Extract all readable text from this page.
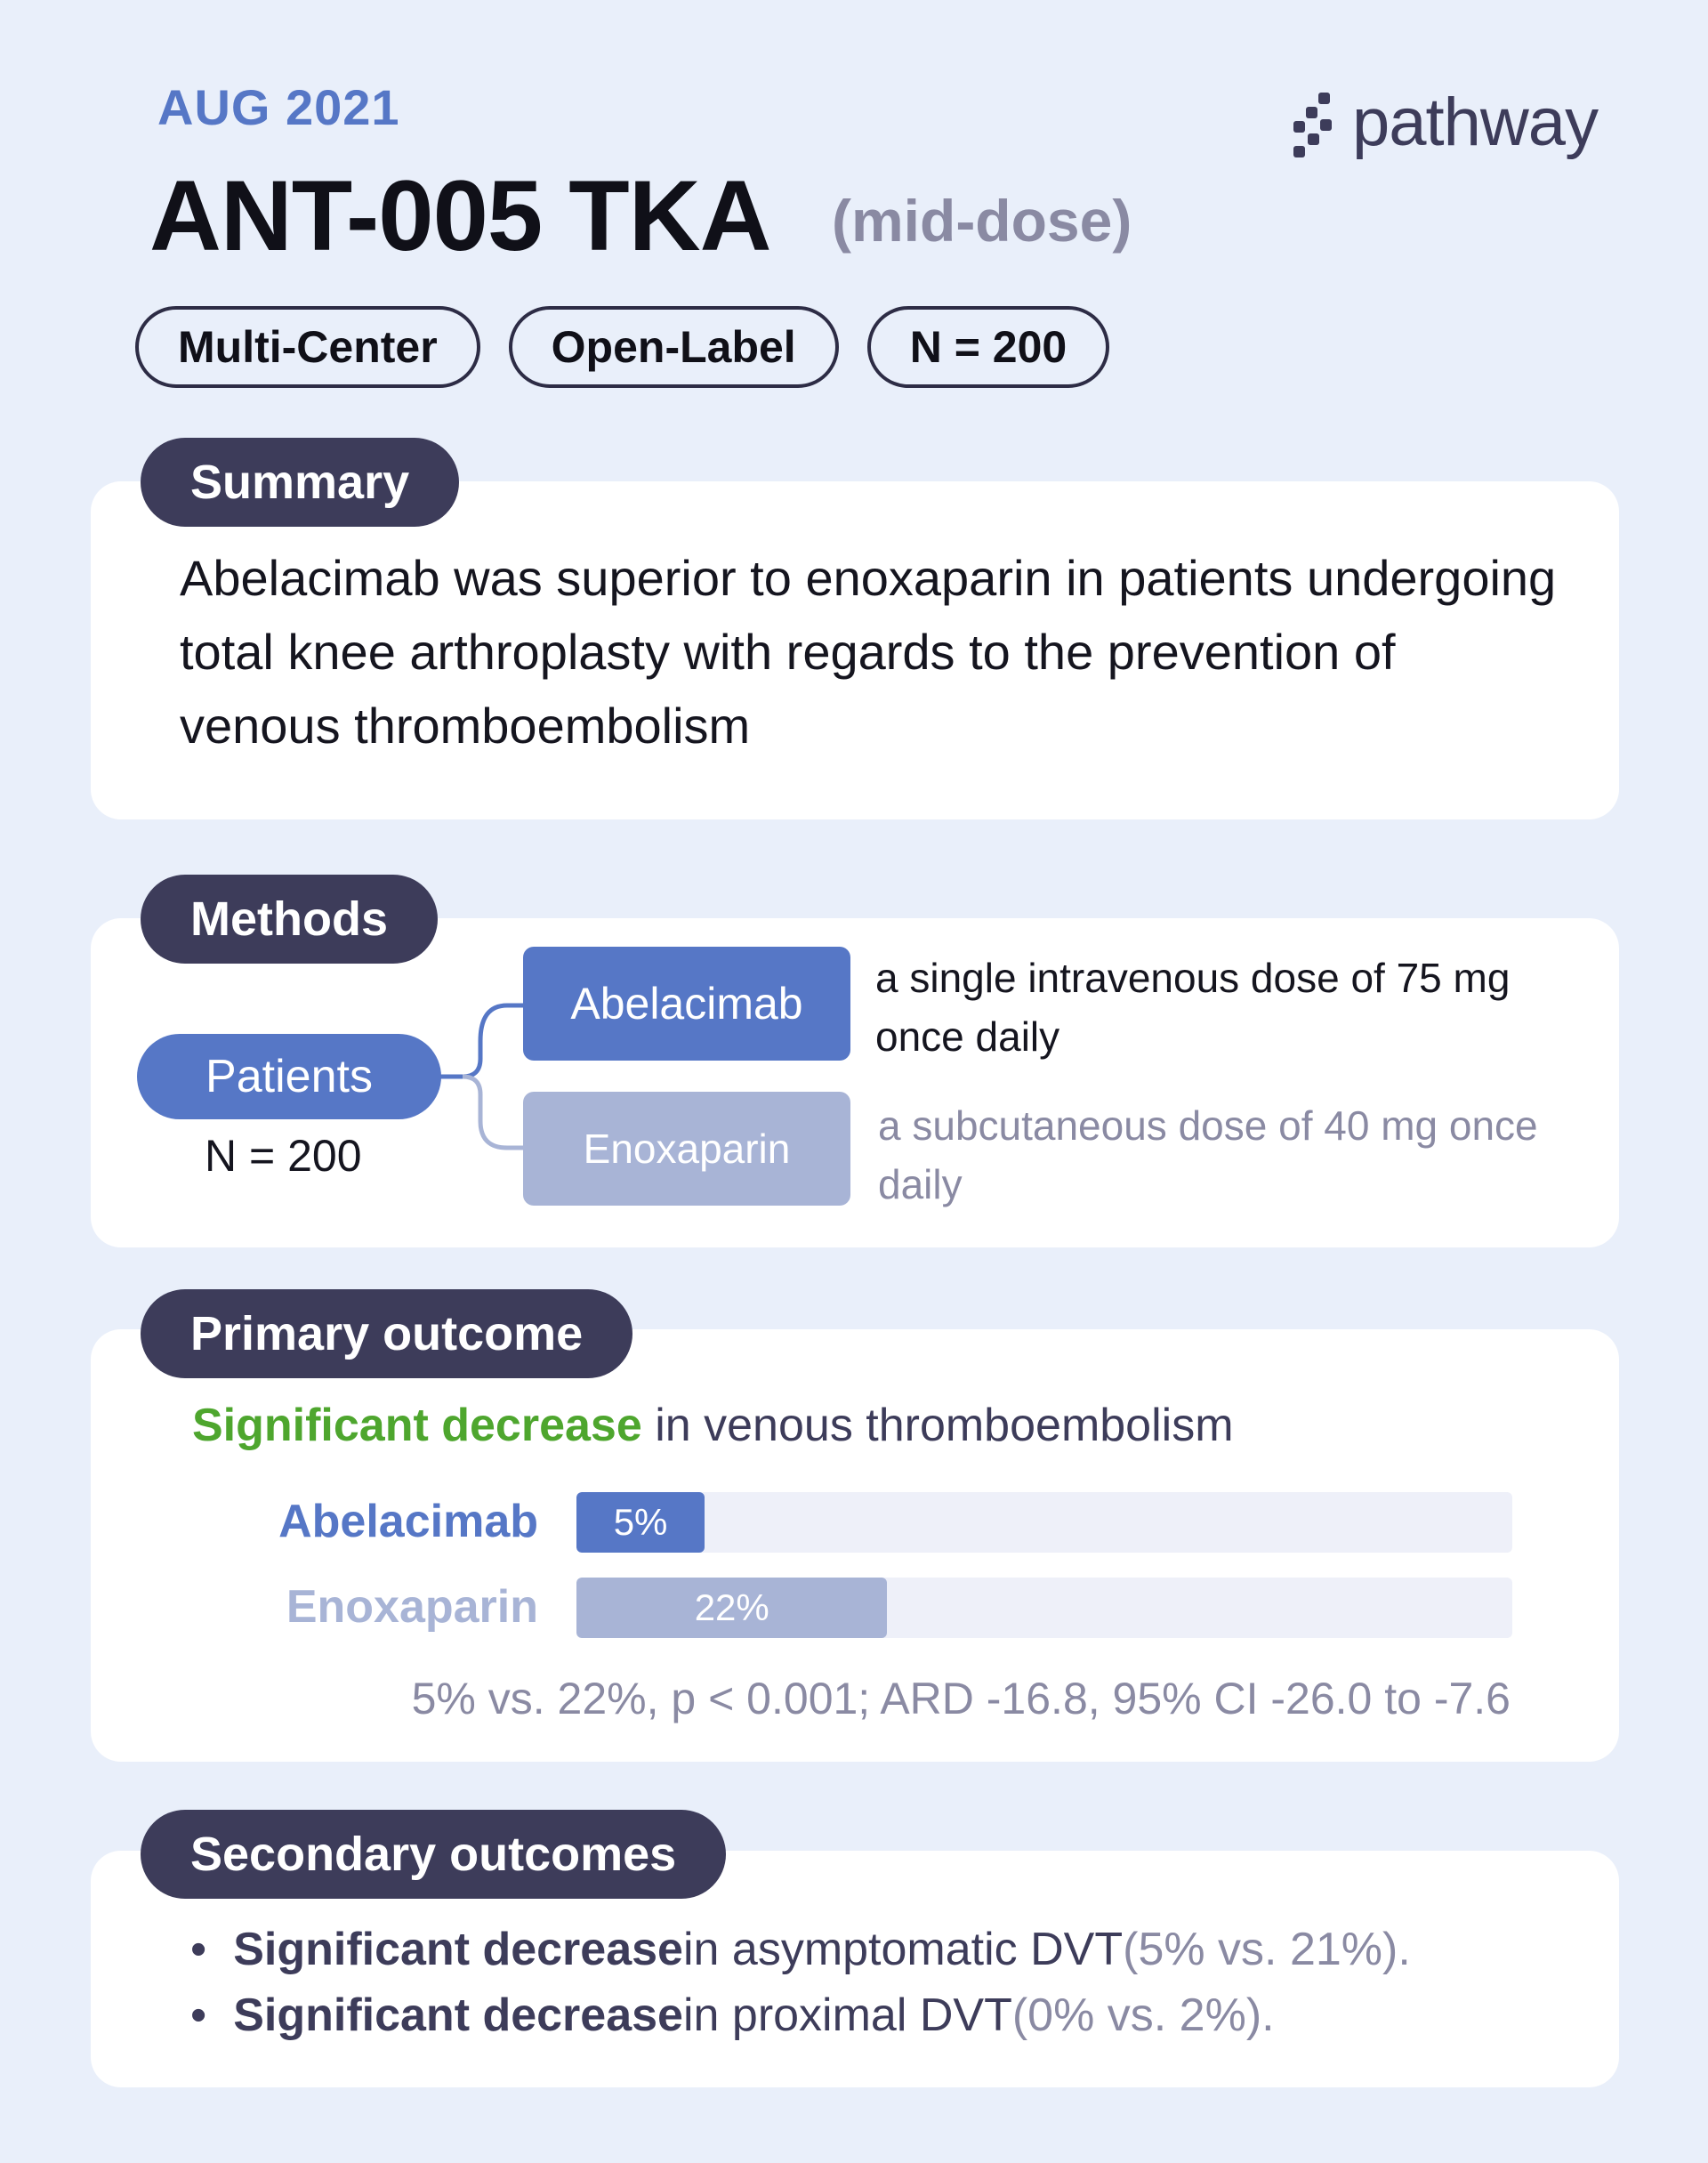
AUG 2021
ANT-005 TKA (mid-dose)
pathway
Multi-Center	Open-Label	N = 200
Summary
Abelacimab was superior to enoxaparin in patients undergoing total knee arthroplasty with regards to the prevention of venous thromboembolism
Methods
Patients
N = 200
Abelacimab
a single intravenous dose of 75 mg once daily
Enoxaparin	a subcutaneous dose of 40 mg once daily
Primary outcome
Significant decrease in venous thromboembolism
Abelacimab 5%
Enoxaparin	22%
5% vs. 22%, p < 0.001; ARD -16.8, 95% CI -26.0 to -7.6
Secondary outcomes
• Significant decrease in asymptomatic DVT (5% vs. 21%).
• Significant decrease in proximal DVT (0% vs. 2%).
